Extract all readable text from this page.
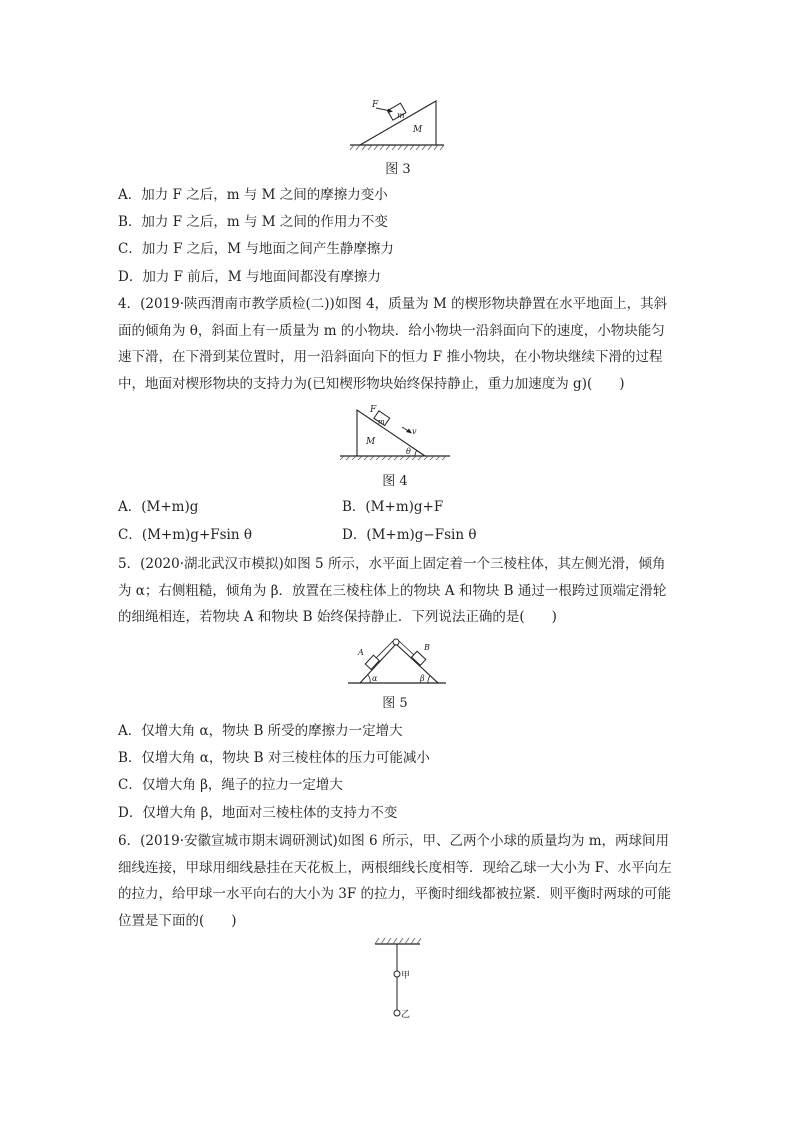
F
m
M
图 3
A．加力 F 之后，m 与 M 之间的摩擦力变小
B．加力 F 之后，m 与 M 之间的作用力不变
C．加力 F 之后，M 与地面之间产生静摩擦力
D．加力 F 前后，M 与地面间都没有摩擦力
4．(2019·陕西渭南市教学质检(二))如图 4，质量为 M 的楔形物块静置在水平地面上，其斜面的倾角为 θ，斜面上有一质量为 m 的小物块．给小物块一沿斜面向下的速度，小物块能匀速下滑，在下滑到某位置时，用一沿斜面向下的恒力 F 推小物块，在小物块继续下滑的过程中，地面对楔形物块的支持力为(已知楔形物块始终保持静止，重力加速度为 g)(　　)
F
m
v
M
θ
图 4
A．(M+m)g	B．(M+m)g+F
C．(M+m)g+Fsin θ	D．(M+m)g−Fsin θ
5．(2020·湖北武汉市模拟)如图 5 所示，水平面上固定着一个三棱柱体，其左侧光滑，倾角为 α；右侧粗糙，倾角为 β．放置在三棱柱体上的物块 A 和物块 B 通过一根跨过顶端定滑轮的细绳相连，若物块 A 和物块 B 始终保持静止．下列说法正确的是(　　)
A
B
α	β
图 5
A．仅增大角 α，物块 B 所受的摩擦力一定增大
B．仅增大角 α，物块 B 对三棱柱体的压力可能减小
C．仅增大角 β，绳子的拉力一定增大
D．仅增大角 β，地面对三棱柱体的支持力不变
6．(2019·安徽宣城市期末调研测试)如图 6 所示，甲、乙两个小球的质量均为 m，两球间用细线连接，甲球用细线悬挂在天花板上，两根细线长度相等．现给乙球一大小为 F、水平向左的拉力，给甲球一水平向右的大小为 3F 的拉力，平衡时细线都被拉紧．则平衡时两球的可能位置是下面的(　　)
甲
乙
